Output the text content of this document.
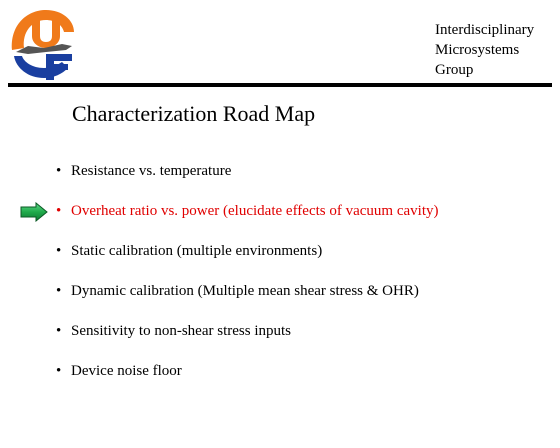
Interdisciplinary
Microsystems
Group
Characterization Road Map
• Resistance vs. temperature
• Overheat ratio vs. power (elucidate effects of vacuum cavity)
• Static calibration (multiple environments)
• Dynamic calibration (Multiple mean shear stress & OHR)
• Sensitivity to non-shear stress inputs
• Device noise floor
